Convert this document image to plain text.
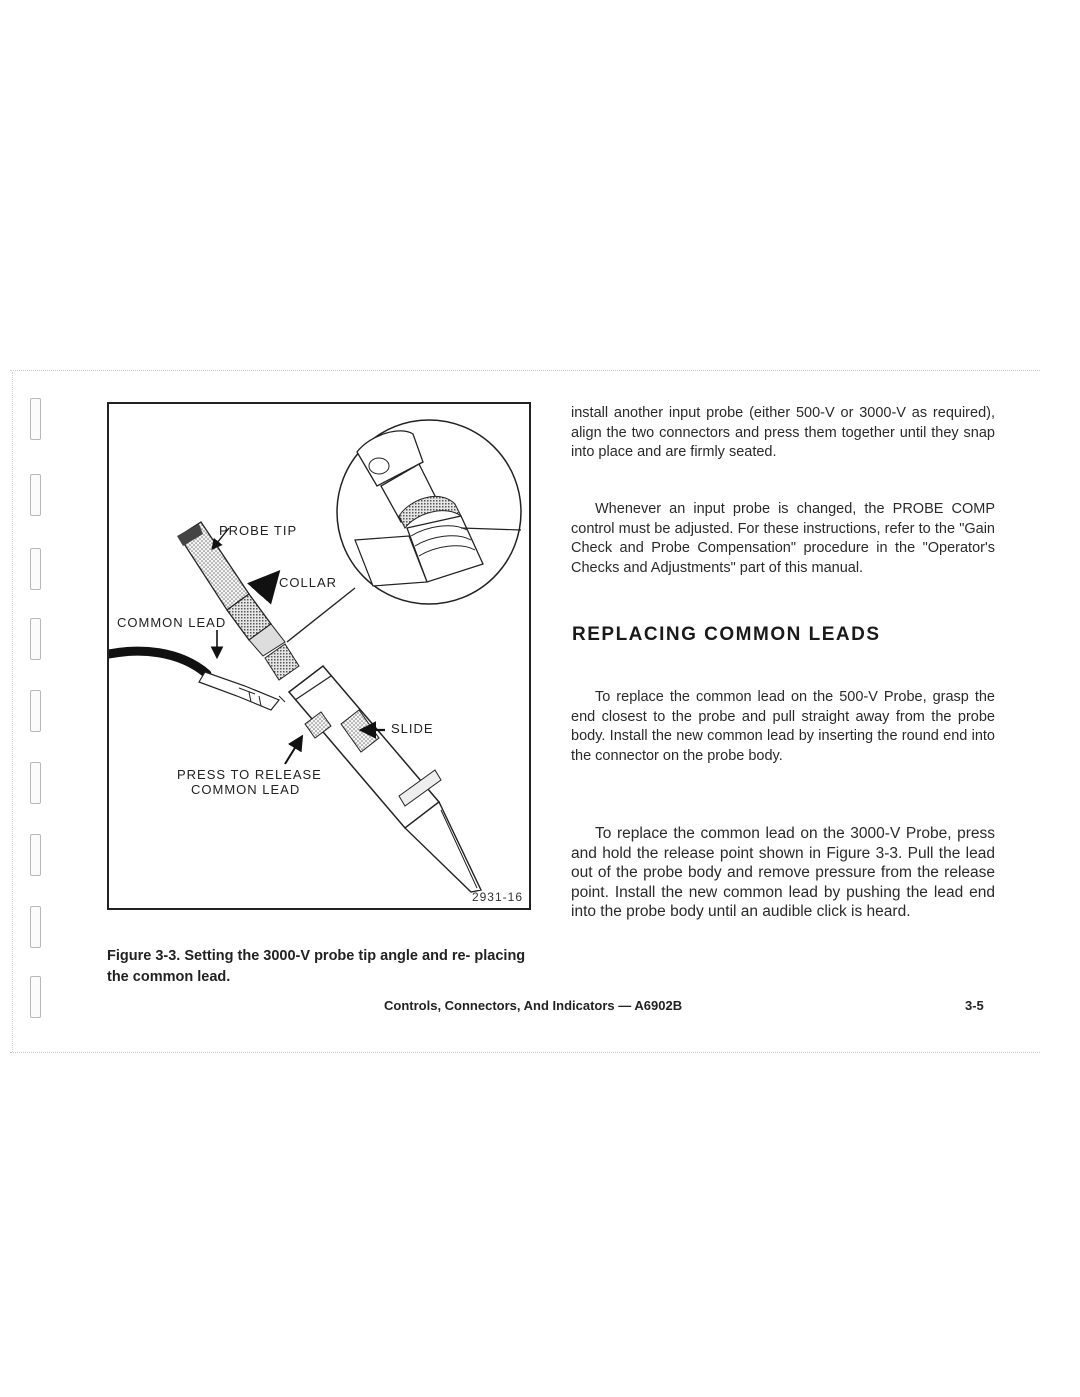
PROBE TIP
COLLAR
COMMON LEAD
SLIDE
PRESS TO RELEASE
COMMON LEAD
2931-16
Figure 3-3. Setting the 3000-V probe tip angle and re- placing the common lead.

install another input probe (either 500-V or 3000-V as required), align the two connectors and press them together until they snap into place and are firmly seated.

Whenever an input probe is changed, the PROBE COMP control must be adjusted. For these instructions, refer to the "Gain Check and Probe Compensation" procedure in the "Operator's Checks and Adjustments" part of this manual.

REPLACING COMMON LEADS

To replace the common lead on the 500-V Probe, grasp the end closest to the probe and pull straight away from the probe body. Install the new common lead by inserting the round end into the connector on the probe body.

To replace the common lead on the 3000-V Probe, press and hold the release point shown in Figure 3-3. Pull the lead out of the probe body and remove pressure from the release point. Install the new common lead by pushing the lead end into the probe body until an audible click is heard.

Controls, Connectors, And Indicators — A6902B	3-5
